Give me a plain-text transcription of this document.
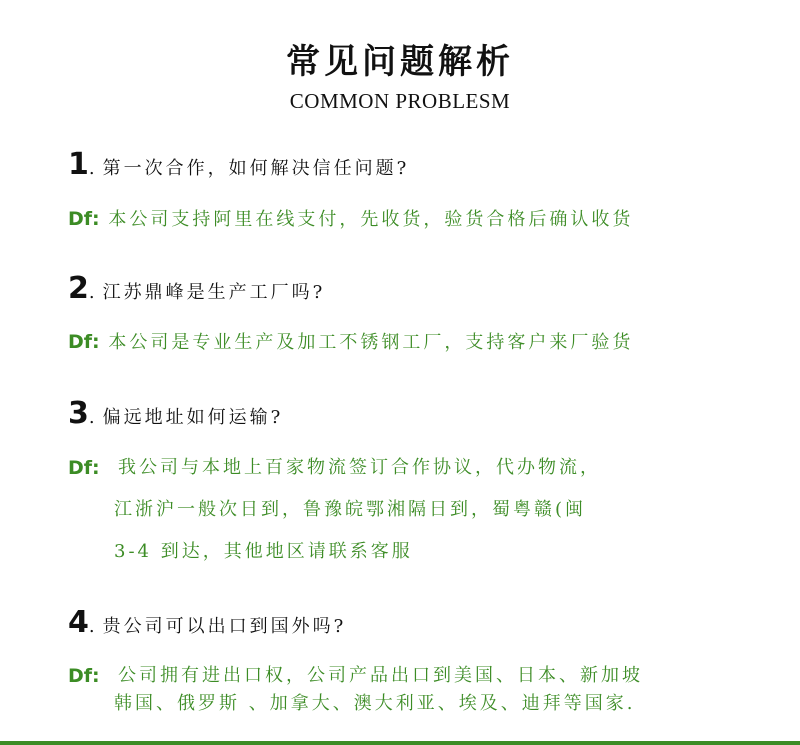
常见问题解析
COMMON PROBLESM
1 . 第一次合作，如何解决信任问题?
Df: 本公司支持阿里在线支付，先收货，验货合格后确认收货
2 . 江苏鼎峰是生产工厂吗?
Df: 本公司是专业生产及加工不锈钢工厂，支持客户来厂验货
3 . 偏远地址如何运输?
Df: 我公司与本地上百家物流签订合作协议，代办物流，
江浙沪一般次日到，鲁豫皖鄂湘隔日到，蜀粤赣(闽
3-4 到达，其他地区请联系客服
4 . 贵公司可以出口到国外吗?
Df: 公司拥有进出口权，公司产品出口到美国、日本、新加坡
韩国、俄罗斯 、加拿大、澳大利亚、埃及、迪拜等国家.
